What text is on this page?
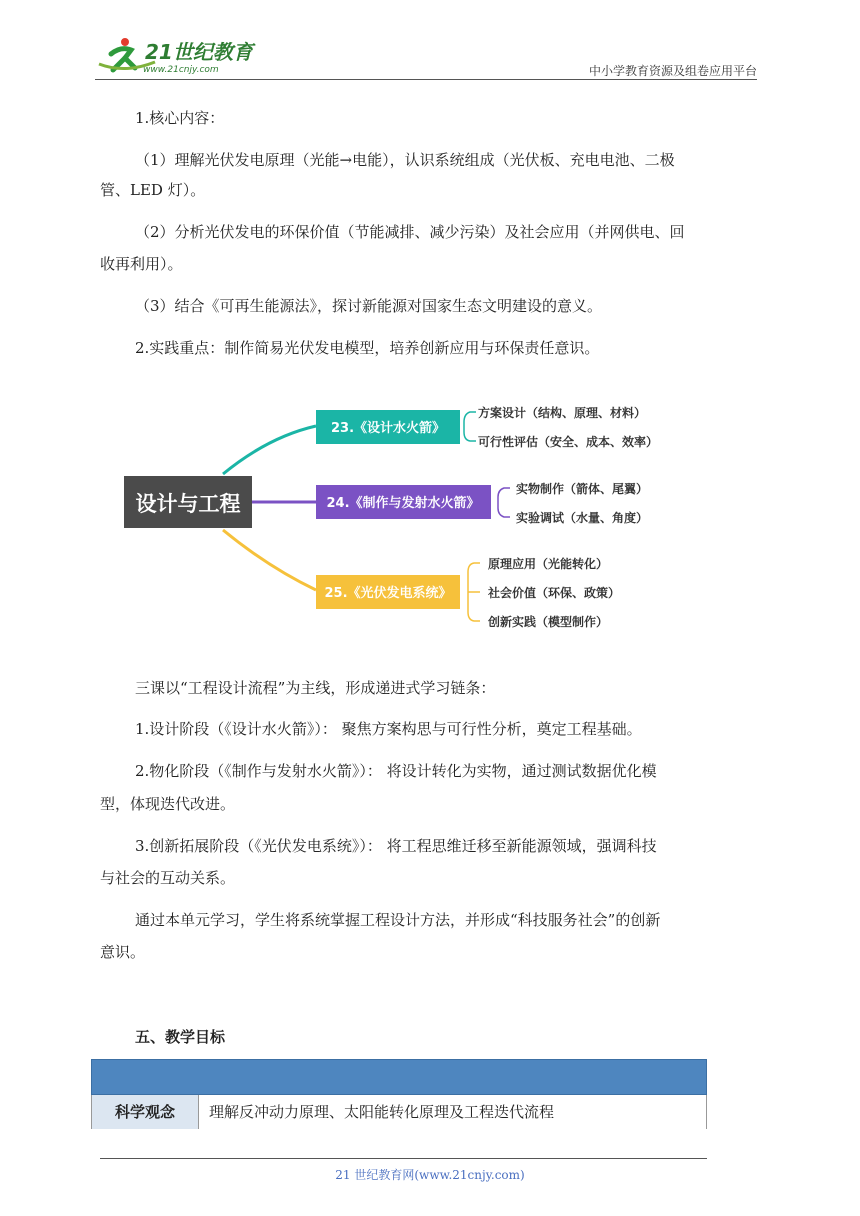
21世纪教育
www.21cnjy.com	中小学教育资源及组卷应用平台
1.核心内容：
（1）理解光伏发电原理（光能→电能），认识系统组成（光伏板、充电电池、二极
管、LED 灯）。
（2）分析光伏发电的环保价值（节能减排、减少污染）及社会应用（并网供电、回
收再利用）。
（3）结合《可再生能源法》，探讨新能源对国家生态文明建设的意义。
2.实践重点：制作简易光伏发电模型，培养创新应用与环保责任意识。
设计与工程
23.《设计水火箭》
方案设计（结构、原理、材料）
可行性评估（安全、成本、效率）
24.《制作与发射水火箭》
实物制作（箭体、尾翼）
实验调试（水量、角度）
25.《光伏发电系统》
原理应用（光能转化）
社会价值（环保、政策）
创新实践（模型制作）
三课以“工程设计流程”为主线，形成递进式学习链条：
1.设计阶段（《设计水火箭》）： 聚焦方案构思与可行性分析，奠定工程基础。
2.物化阶段（《制作与发射水火箭》）： 将设计转化为实物，通过测试数据优化模
型，体现迭代改进。
3.创新拓展阶段（《光伏发电系统》）： 将工程思维迁移至新能源领域，强调科技
与社会的互动关系。
通过本单元学习，学生将系统掌握工程设计方法，并形成“科技服务社会”的创新
意识。
五、教学目标
科学观念	理解反冲动力原理、太阳能转化原理及工程迭代流程
21 世纪教育网(www.21cnjy.com)
